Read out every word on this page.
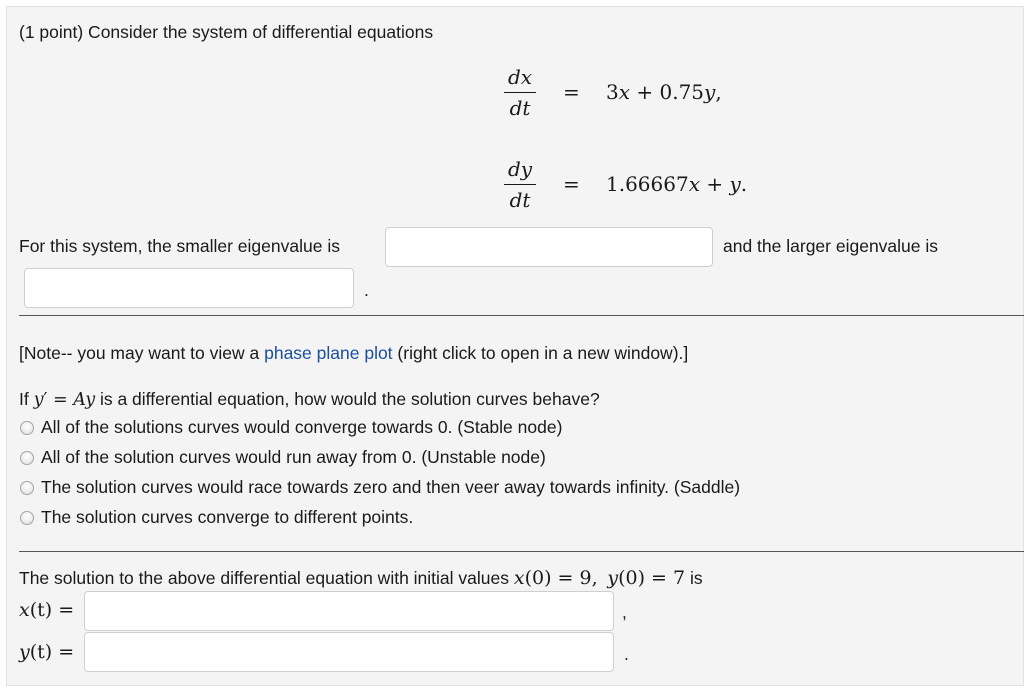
(1 point) Consider the system of differential equations
dx
dt
= 3x + 0.75y,
dy
dt
= 1.66667x + y.
For this system, the smaller eigenvalue is	and the larger eigenvalue is
.
[Note-- you may want to view a phase plane plot (right click to open in a new window).]
If y′ = Ay is a differential equation, how would the solution curves behave?
All of the solutions curves would converge towards 0. (Stable node)
All of the solution curves would run away from 0. (Unstable node)
The solution curves would race towards zero and then veer away towards infinity. (Saddle)
The solution curves converge to different points.
The solution to the above differential equation with initial values x(0) = 9, y(0) = 7 is
x(t) =	,
y(t) =	.
